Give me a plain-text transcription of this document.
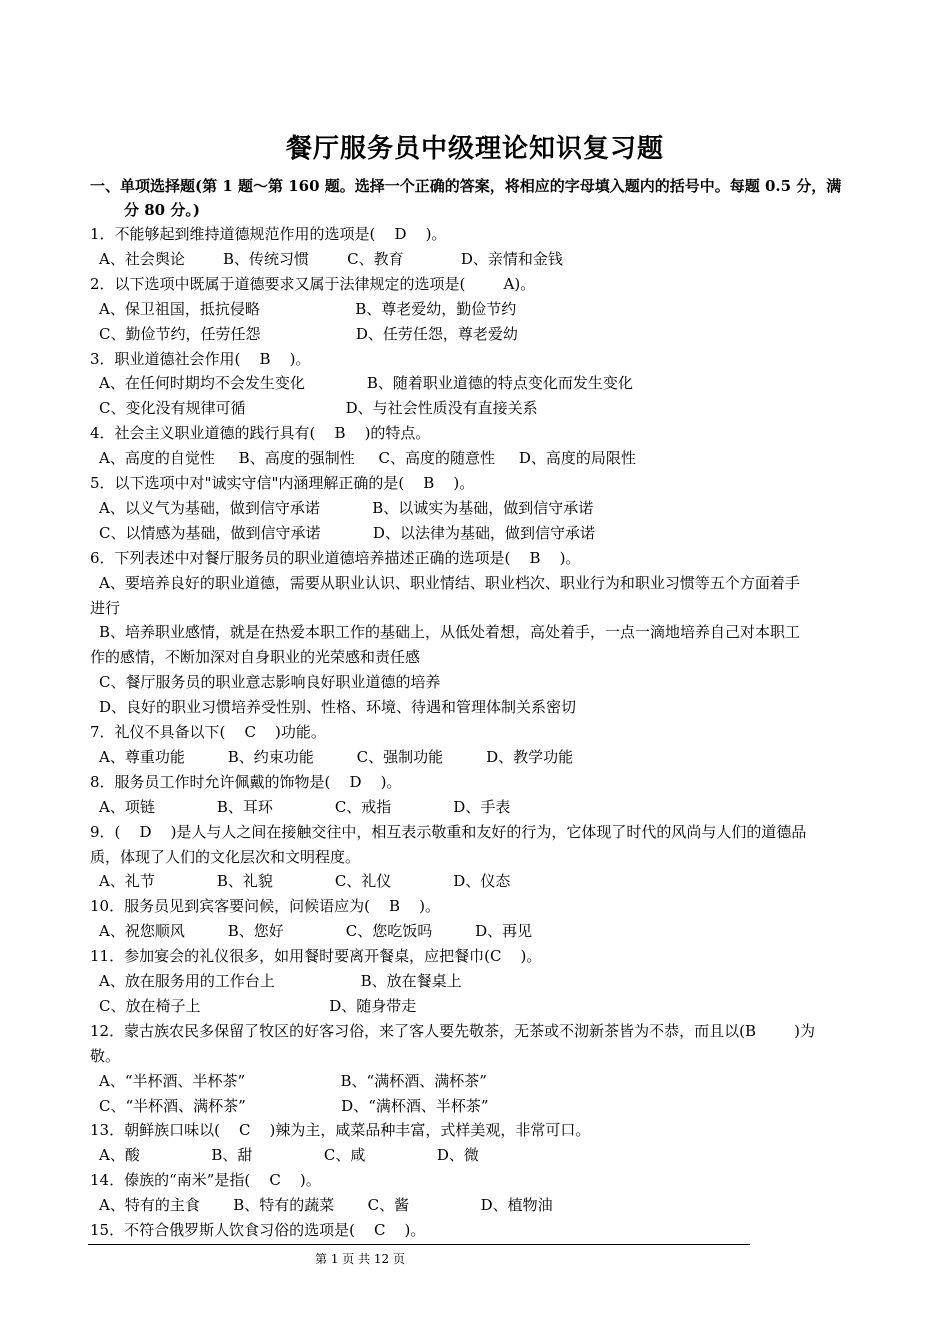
餐厅服务员中级理论知识复习题
一、单项选择题(第 1 题～第 160 题。选择一个正确的答案，将相应的字母填入题内的括号中。每题 0.5 分，满
分 80 分。)
1．不能够起到维持道德规范作用的选项是(    D    )。
A、社会舆论        B、传统习惯        C、教育            D、亲情和金钱
2．以下选项中既属于道德要求又属于法律规定的选项是(        A)。
A、保卫祖国，抵抗侵略                    B、尊老爱幼，勤俭节约
C、勤俭节约，任劳任怨                    D、任劳任怨，尊老爱幼
3．职业道德社会作用(    B    )。
A、在任何时期均不会发生变化             B、随着职业道德的特点变化而发生变化
C、变化没有规律可循                     D、与社会性质没有直接关系
4．社会主义职业道德的践行具有(    B    )的特点。
A、高度的自觉性     B、高度的强制性     C、高度的随意性     D、高度的局限性
5．以下选项中对"诚实守信"内涵理解正确的是(    B    )。
A、以义气为基础，做到信守承诺           B、以诚实为基础，做到信守承诺
C、以情感为基础，做到信守承诺           D、以法律为基础，做到信守承诺
6．下列表述中对餐厅服务员的职业道德培养描述正确的选项是(    B    )。
A、要培养良好的职业道德，需要从职业认识、职业情结、职业档次、职业行为和职业习惯等五个方面着手
进行
B、培养职业感情，就是在热爱本职工作的基础上，从低处着想，高处着手，一点一滴地培养自己对本职工
作的感情，不断加深对自身职业的光荣感和责任感
C、餐厅服务员的职业意志影响良好职业道德的培养
D、良好的职业习惯培养受性别、性格、环境、待遇和管理体制关系密切
7．礼仪不具备以下(    C    )功能。
A、尊重功能         B、约束功能         C、强制功能         D、教学功能
8．服务员工作时允许佩戴的饰物是(    D    )。
A、项链             B、耳环             C、戒指             D、手表
9．(    D    )是人与人之间在接触交往中，相互表示敬重和友好的行为，它体现了时代的风尚与人们的道德品
质，体现了人们的文化层次和文明程度。
A、礼节             B、礼貌             C、礼仪             D、仪态
10．服务员见到宾客要问候，问候语应为(    B    )。
A、祝您顺风         B、您好             C、您吃饭吗         D、再见
11．参加宴会的礼仪很多，如用餐时要离开餐桌，应把餐巾(C    )。
A、放在服务用的工作台上                  B、放在餐桌上
C、放在椅子上                           D、随身带走
12．蒙古族农民多保留了牧区的好客习俗，来了客人要先敬茶，无茶或不沏新茶皆为不恭，而且以(B        )为
敬。
A、“半杯酒、半杯茶”                    B、“满杯酒、满杯茶”
C、“半杯酒、满杯茶”                    D、“满杯酒、半杯茶”
13．朝鲜族口味以(    C    )辣为主，咸菜品种丰富，式样美观，非常可口。
A、酸               B、甜               C、咸               D、微
14．傣族的“南米”是指(    C    )。
A、特有的主食       B、特有的蔬菜       C、酱               D、植物油
15．不符合俄罗斯人饮食习俗的选项是(    C    )。
第 1 页 共 12 页
